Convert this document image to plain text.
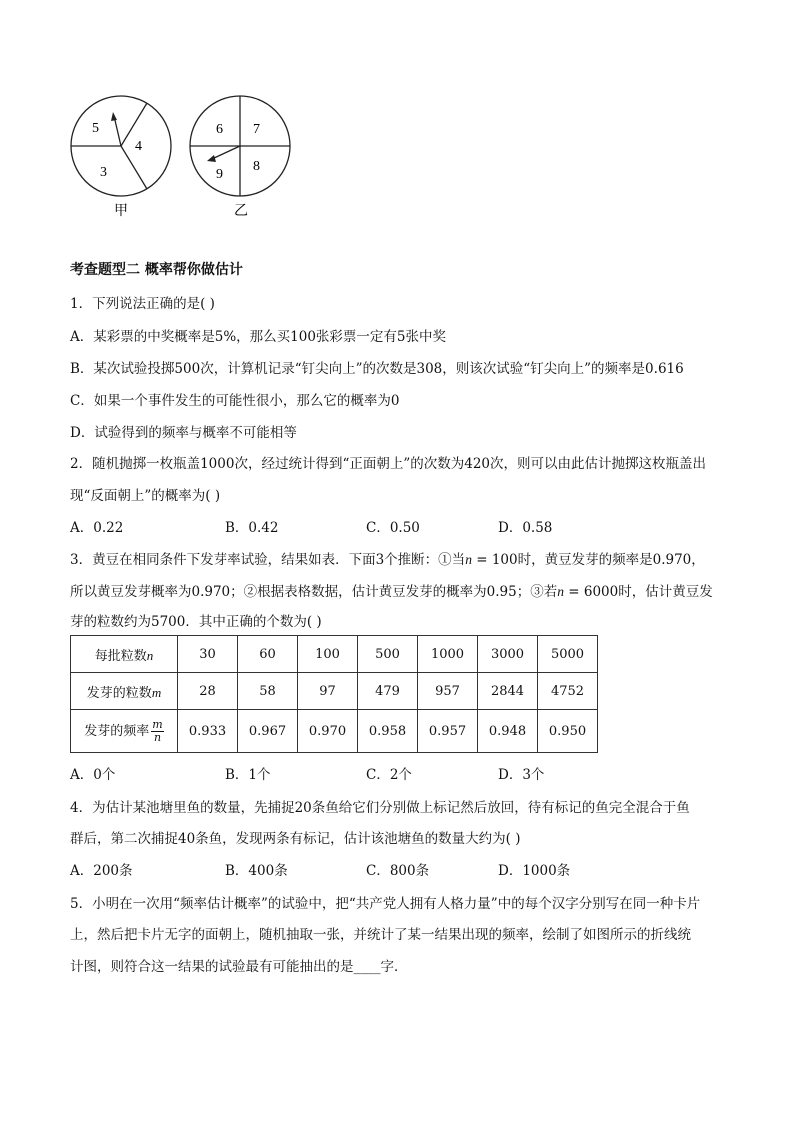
5
4
3
甲
6 7
9
8
乙
考查题型二 概率帮你做估计
1．下列说法正确的是( )
A．某彩票的中奖概率是5%，那么买100张彩票一定有5张中奖
B．某次试验投掷500次，计算机记录“钉尖向上”的次数是308，则该次试验“钉尖向上”的频率是0.616
C．如果一个事件发生的可能性很小，那么它的概率为0
D．试验得到的频率与概率不可能相等
2．随机抛掷一枚瓶盖1000次，经过统计得到“正面朝上”的次数为420次，则可以由此估计抛掷这枚瓶盖出
现“反面朝上”的概率为( )
A．0.22	B．0.42	C．0.50	D．0.58
3．黄豆在相同条件下发芽率试验，结果如表．下面3个推断：①当n = 100时，黄豆发芽的频率是0.970，
所以黄豆发芽概率为0.970；②根据表格数据，估计黄豆发芽的概率为0.95；③若n = 6000时，估计黄豆发
芽的粒数约为5700．其中正确的个数为( )
每批粒数n	30	60	100	500	1000	3000	5000
发芽的粒数m	28	58	97	479	957	2844	4752
发芽的频率 $\frac{m}{n}$	0.933	0.967	0.970	0.958	0.957	0.948	0.950
A．0个	B．1个	C．2个	D．3个
4．为估计某池塘里鱼的数量，先捕捉20条鱼给它们分别做上标记然后放回，待有标记的鱼完全混合于鱼
群后，第二次捕捉40条鱼，发现两条有标记，估计该池塘鱼的数量大约为( )
A．200条	B．400条	C．800条	D．1000条
5．小明在一次用“频率估计概率”的试验中，把“共产党人拥有人格力量”中的每个汉字分别写在同一种卡片
上，然后把卡片无字的面朝上，随机抽取一张，并统计了某一结果出现的频率，绘制了如图所示的折线统
计图，则符合这一结果的试验最有可能抽出的是____字．
